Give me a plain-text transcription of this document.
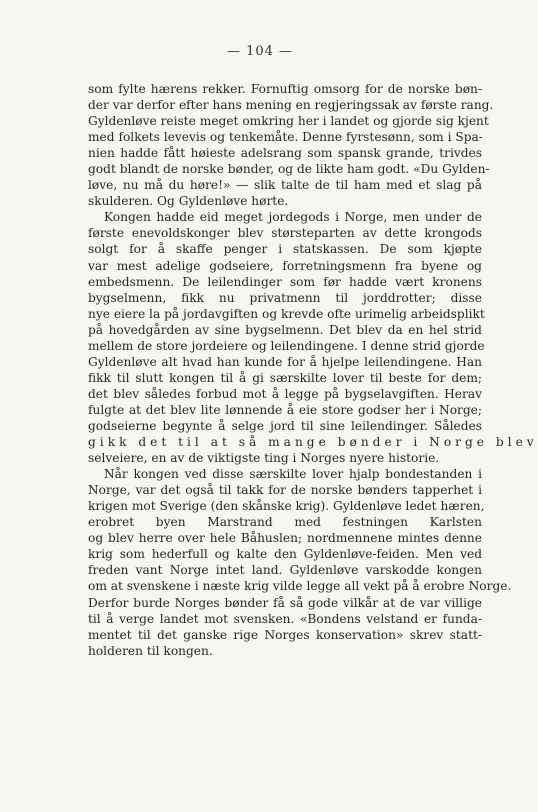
— 104 —
som fylte hærens rekker. Fornuftig omsorg for de norske bøn-
der var derfor efter hans mening en regjeringssak av første rang.
Gyldenløve reiste meget omkring her i landet og gjorde sig kjent
med folkets levevis og tenkemåte. Denne fyrstesønn, som i Spa-
nien hadde fått høieste adelsrang som spansk grande, trivdes
godt blandt de norske bønder, og de likte ham godt. «Du Gylden-
løve, nu må du høre!» — slik talte de til ham med et slag på
skulderen. Og Gyldenløve hørte.
Kongen hadde eid meget jordegods i Norge, men under de
første enevoldskonger blev størsteparten av dette krongods
solgt for å skaffe penger i statskassen. De som kjøpte
var mest adelige godseiere, forretningsmenn fra byene og
embedsmenn. De leilendinger som før hadde vært kronens
bygselmenn, fikk nu privatmenn til jorddrotter; disse
nye eiere la på jordavgiften og krevde ofte urimelig arbeidsplikt
på hovedgården av sine bygselmenn. Det blev da en hel strid
mellem de store jordeiere og leilendingene. I denne strid gjorde
Gyldenløve alt hvad han kunde for å hjelpe leilendingene. Han
fikk til slutt kongen til å gi særskilte lover til beste for dem;
det blev således forbud mot å legge på bygselavgiften. Herav
fulgte at det blev lite lønnende å eie store godser her i Norge;
godseierne begynte å selge jord til sine leilendinger. Således
gikk det til at så mange bønder i Norge blev
selveiere, en av de viktigste ting i Norges nyere historie.
Når kongen ved disse særskilte lover hjalp bondestanden i
Norge, var det også til takk for de norske bønders tapperhet i
krigen mot Sverige (den skånske krig). Gyldenløve ledet hæren,
erobret byen Marstrand med festningen Karlsten
og blev herre over hele Båhuslen; nordmennene mintes denne
krig som hederfull og kalte den Gyldenløve-feiden. Men ved
freden vant Norge intet land. Gyldenløve varskodde kongen
om at svenskene i næste krig vilde legge all vekt på å erobre Norge.
Derfor burde Norges bønder få så gode vilkår at de var villige
til å verge landet mot svensken. «Bondens velstand er funda-
mentet til det ganske rige Norges konservation» skrev statt-
holderen til kongen.
